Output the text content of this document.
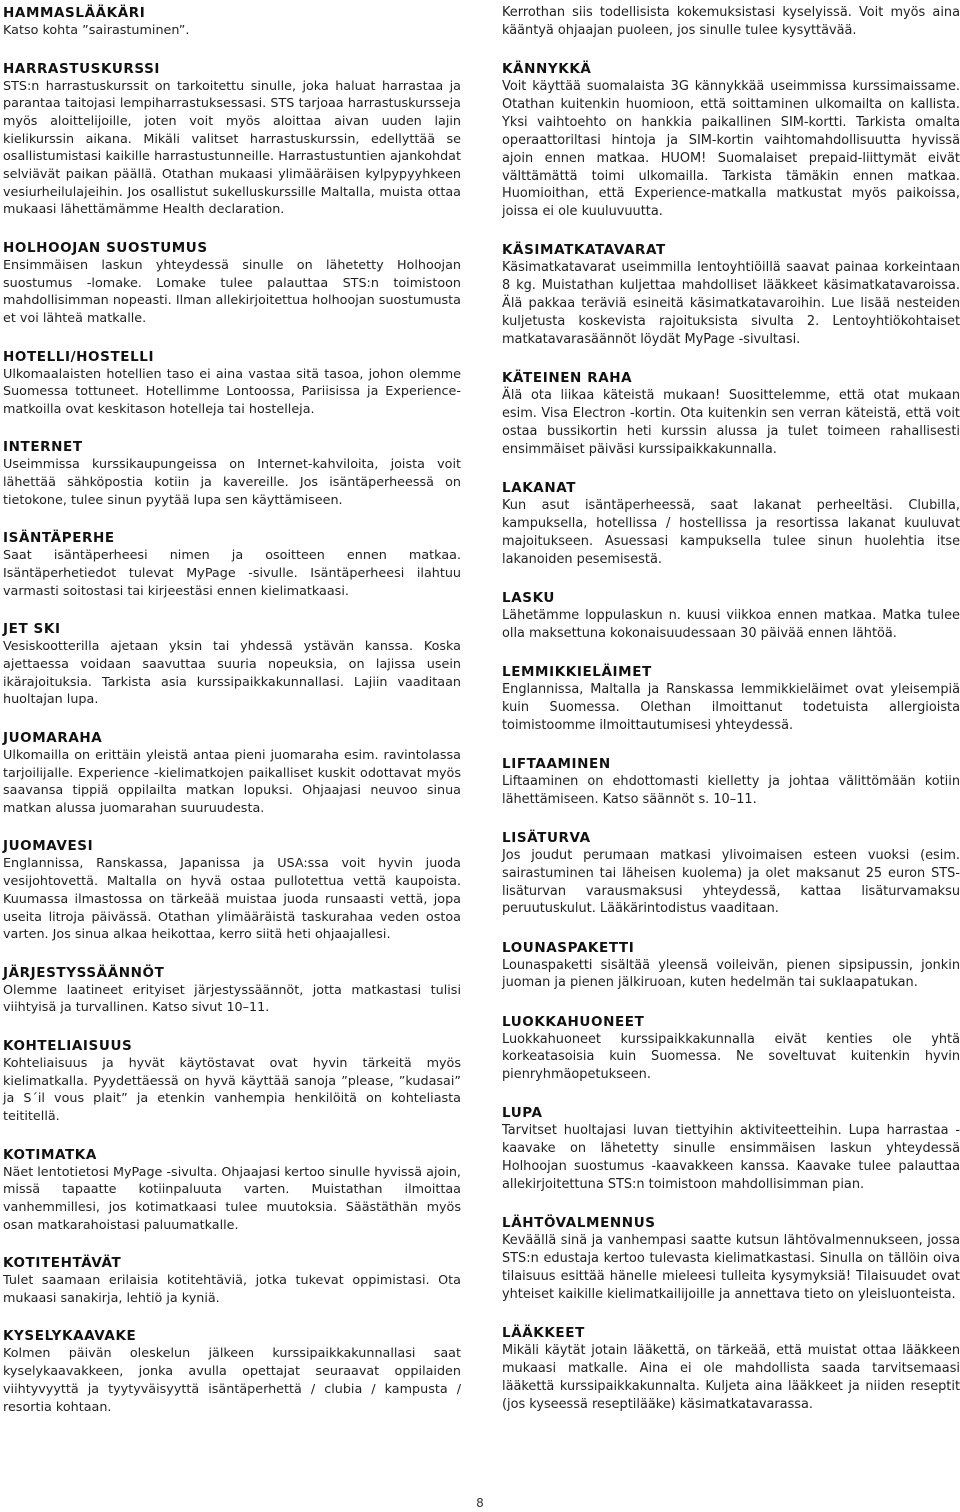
HAMMASLÄÄKÄRI

Katso kohta ”sairastuminen”.

HARRASTUSKURSSI

STS:n harrastuskurssit on tarkoitettu sinulle, joka haluat harrastaa ja parantaa taitojasi lempiharrastuksessasi. STS tarjoaa harrastuskursseja myös aloittelijoille, joten voit myös aloittaa aivan uuden lajin kielikurssin aikana. Mikäli valitset harrastuskurssin, edellyttää se osallistumistasi kaikille harrastustunneille. Harrastustuntien ajankohdat selviävät paikan päällä. Otathan mukaasi ylimääräisen kylpypyyhkeen vesiurheilulajeihin. Jos osallistut sukelluskurssille Maltalla, muista ottaa mukaasi lähettämämme Health declaration.

HOLHOOJAN SUOSTUMUS

Ensimmäisen laskun yhteydessä sinulle on lähetetty Holhoojan suostumus -lomake. Lomake tulee palauttaa STS:n toimistoon mahdollisimman nopeasti. Ilman allekirjoitettua holhoojan suostumusta et voi lähteä matkalle.

HOTELLI/HOSTELLI

Ulkomaalaisten hotellien taso ei aina vastaa sitä tasoa, johon olemme Suomessa tottuneet. Hotellimme Lontoossa, Pariisissa ja Experience-matkoilla ovat keskitason hotelleja tai hostelleja.

INTERNET

Useimmissa kurssikaupungeissa on Internet-kahviloita, joista voit lähettää sähköpostia kotiin ja kavereille. Jos isäntäperheessä on tietokone, tulee sinun pyytää lupa sen käyttämiseen.

ISÄNTÄPERHE

Saat isäntäperheesi nimen ja osoitteen ennen matkaa. Isäntäperhetiedot tulevat MyPage -sivulle. Isäntäperheesi ilahtuu varmasti soitostasi tai kirjeestäsi ennen kielimatkaasi.

JET SKI

Vesiskootterilla ajetaan yksin tai yhdessä ystävän kanssa. Koska ajettaessa voidaan saavuttaa suuria nopeuksia, on lajissa usein ikärajoituksia. Tarkista asia kurssipaikkakunnallasi. Lajiin vaaditaan huoltajan lupa.

JUOMARAHA

Ulkomailla on erittäin yleistä antaa pieni juomaraha esim. ravintolassa tarjoilijalle. Experience -kielimatkojen paikalliset kuskit odottavat myös saavansa tippiä oppilailta matkan lopuksi. Ohjaajasi neuvoo sinua matkan alussa juomarahan suuruudesta.

JUOMAVESI

Englannissa, Ranskassa, Japanissa ja USA:ssa voit hyvin juoda vesijohtovettä. Maltalla on hyvä ostaa pullotettua vettä kaupoista. Kuumassa ilmastossa on tärkeää muistaa juoda runsaasti vettä, jopa useita litroja päivässä. Otathan ylimääräistä taskurahaa veden ostoa varten. Jos sinua alkaa heikottaa, kerro siitä heti ohjaajallesi.

JÄRJESTYSSÄÄNNÖT

Olemme laatineet erityiset järjestyssäännöt, jotta matkastasi tulisi viihtyisä ja turvallinen. Katso sivut 10–11.

KOHTELIAISUUS

Kohteliaisuus ja hyvät käytöstavat ovat hyvin tärkeitä myös kielimatkalla. Pyydettäessä on hyvä käyttää sanoja ”please, ”kudasai” ja S´il vous plait” ja etenkin vanhempia henkilöitä on kohteliasta teititellä.

KOTIMATKA

Näet lentotietosi MyPage -sivulta. Ohjaajasi kertoo sinulle hyvissä ajoin, missä tapaatte kotiinpaluuta varten. Muistathan ilmoittaa vanhemmillesi, jos kotimatkaasi tulee muutoksia. Säästäthän myös osan matkarahoistasi paluumatkalle.

KOTITEHTÄVÄT

Tulet saamaan erilaisia kotitehtäviä, jotka tukevat oppimistasi. Ota mukaasi sanakirja, lehtiö ja kyniä.

KYSELYKAAVAKE

Kolmen päivän oleskelun jälkeen kurssipaikkakunnallasi saat kyselykaavakkeen, jonka avulla opettajat seuraavat oppilaiden viihtyvyyttä ja tyytyväisyyttä isäntäperhettä / clubia / kampusta / resortia kohtaan.

Kerrothan siis todellisista kokemuksistasi kyselyissä. Voit myös aina kääntyä ohjaajan puoleen, jos sinulle tulee kysyttävää.

KÄNNYKKÄ

Voit käyttää suomalaista 3G kännykkää useimmissa kurssimaissame. Otathan kuitenkin huomioon, että soittaminen ulkomailta on kallista. Yksi vaihtoehto on hankkia paikallinen SIM-kortti. Tarkista omalta operaattoriltasi hintoja ja SIM-kortin vaihtomahdollisuutta hyvissä ajoin ennen matkaa. HUOM! Suomalaiset prepaid-liittymät eivät välttämättä toimi ulkomailla. Tarkista tämäkin ennen matkaa. Huomioithan, että Experience-matkalla matkustat myös paikoissa, joissa ei ole kuuluvuutta.

KÄSIMATKATAVARAT

Käsimatkatavarat useimmilla lentoyhtiöillä saavat painaa korkeintaan 8 kg. Muistathan kuljettaa mahdolliset lääkkeet käsimatkatavaroissa. Älä pakkaa teräviä esineitä käsimatkatavaroihin. Lue lisää nesteiden kuljetusta koskevista rajoituksista sivulta 2. Lentoyhtiökohtaiset matkatavarasäännöt löydät MyPage -sivultasi.

KÄTEINEN RAHA

Älä ota liikaa käteistä mukaan! Suosittelemme, että otat mukaan esim. Visa Electron -kortin. Ota kuitenkin sen verran käteistä, että voit ostaa bussikortin heti kurssin alussa ja tulet toimeen rahallisesti ensimmäiset päiväsi kurssipaikkakunnalla.

LAKANAT

Kun asut isäntäperheessä, saat lakanat perheeltäsi. Clubilla, kampuksella, hotellissa / hostellissa ja resortissa lakanat kuuluvat majoitukseen. Asuessasi kampuksella tulee sinun huolehtia itse lakanoiden pesemisestä.

LASKU

Lähetämme loppulaskun n. kuusi viikkoa ennen matkaa. Matka tulee olla maksettuna kokonaisuudessaan 30 päivää ennen lähtöä.

LEMMIKKIELÄIMET

Englannissa, Maltalla ja Ranskassa lemmikkieläimet ovat yleisempiä kuin Suomessa. Olethan ilmoittanut todetuista allergioista toimistoomme ilmoittautumisesi yhteydessä.

LIFTAAMINEN

Liftaaminen on ehdottomasti kielletty ja johtaa välittömään kotiin lähettämiseen. Katso säännöt s. 10–11.

LISÄTURVA

Jos joudut perumaan matkasi ylivoimaisen esteen vuoksi (esim. sairastuminen tai läheisen kuolema) ja olet maksanut 25 euron STS-lisäturvan varausmaksusi yhteydessä, kattaa lisäturvamaksu peruutuskulut. Lääkärintodistus vaaditaan.

LOUNASPAKETTI

Lounaspaketti sisältää yleensä voileivän, pienen sipsipussin, jonkin juoman ja pienen jälkiruoan, kuten hedelmän tai suklaapatukan.

LUOKKAHUONEET

Luokkahuoneet kurssipaikkakunnalla eivät kenties ole yhtä korkeatasoisia kuin Suomessa. Ne soveltuvat kuitenkin hyvin pienryhmäopetukseen.

LUPA

Tarvitset huoltajasi luvan tiettyihin aktiviteetteihin. Lupa harrastaa -kaavake on lähetetty sinulle ensimmäisen laskun yhteydessä Holhoojan suostumus -kaavakkeen kanssa. Kaavake tulee palauttaa allekirjoitettuna STS:n toimistoon mahdollisimman pian.

LÄHTÖVALMENNUS

Keväällä sinä ja vanhempasi saatte kutsun lähtövalmennukseen, jossa STS:n edustaja kertoo tulevasta kielimatkastasi. Sinulla on tällöin oiva tilaisuus esittää hänelle mieleesi tulleita kysymyksiä! Tilaisuudet ovat yhteiset kaikille kielimatkailijoille ja annettava tieto on yleisluonteista.

LÄÄKKEET

Mikäli käytät jotain lääkettä, on tärkeää, että muistat ottaa lääkkeen mukaasi matkalle. Aina ei ole mahdollista saada tarvitsemaasi lääkettä kurssipaikkakunnalta. Kuljeta aina lääkkeet ja niiden reseptit (jos kyseessä reseptilääke) käsimatkatavarassa.

8
